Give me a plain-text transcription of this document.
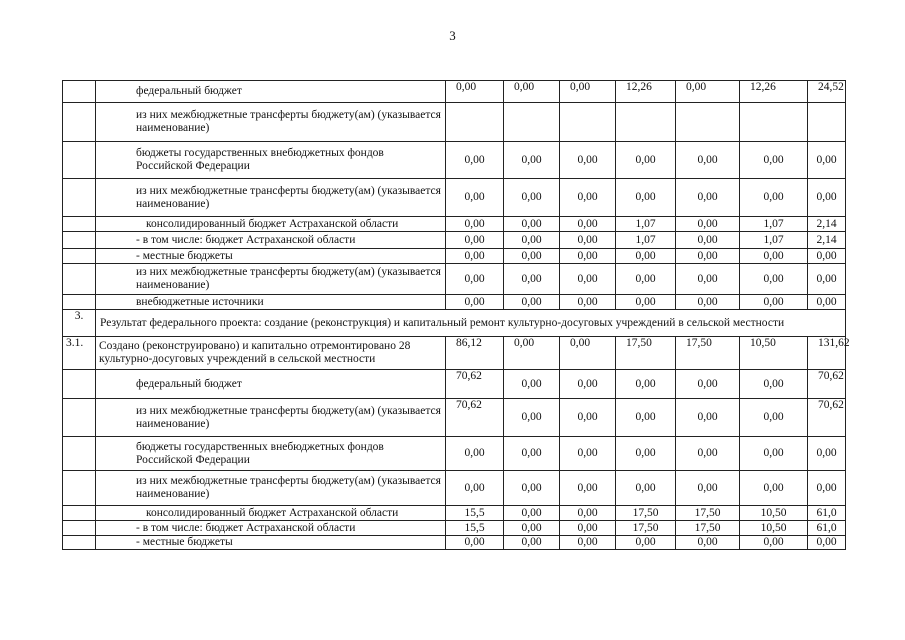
3
	федеральный бюджет	0,00	0,00	0,00	12,26	0,00	12,26	24,52
	из них межбюджетные трансферты бюджету(ам) (указывается наименование)							
	бюджеты государственных внебюджетных фондов Российской Федерации	0,00	0,00	0,00	0,00	0,00	0,00	0,00
	из них межбюджетные трансферты бюджету(ам) (указывается наименование)	0,00	0,00	0,00	0,00	0,00	0,00	0,00
	консолидированный бюджет Астраханской области	0,00	0,00	0,00	1,07	0,00	1,07	2,14
	- в том числе: бюджет Астраханской области	0,00	0,00	0,00	1,07	0,00	1,07	2,14
	- местные бюджеты	0,00	0,00	0,00	0,00	0,00	0,00	0,00
	из них межбюджетные трансферты бюджету(ам) (указывается наименование)	0,00	0,00	0,00	0,00	0,00	0,00	0,00
	внебюджетные источники	0,00	0,00	0,00	0,00	0,00	0,00	0,00
3.	Результат федерального проекта: создание (реконструкция) и капитальный ремонт культурно-досуговых учреждений в сельской местности							
3.1.	Создано (реконструировано) и капитально отремонтировано 28 культурно-досуговых учреждений в сельской местности	86,12	0,00	0,00	17,50	17,50	10,50	131,62
	федеральный бюджет	70,62	0,00	0,00	0,00	0,00	0,00	70,62
	из них межбюджетные трансферты бюджету(ам) (указывается наименование)	70,62	0,00	0,00	0,00	0,00	0,00	70,62
	бюджеты государственных внебюджетных фондов Российской Федерации	0,00	0,00	0,00	0,00	0,00	0,00	0,00
	из них межбюджетные трансферты бюджету(ам) (указывается наименование)	0,00	0,00	0,00	0,00	0,00	0,00	0,00
	консолидированный бюджет Астраханской области	15,5	0,00	0,00	17,50	17,50	10,50	61,0
	- в том числе: бюджет Астраханской области	15,5	0,00	0,00	17,50	17,50	10,50	61,0
	- местные бюджеты	0,00	0,00	0,00	0,00	0,00	0,00	0,00
